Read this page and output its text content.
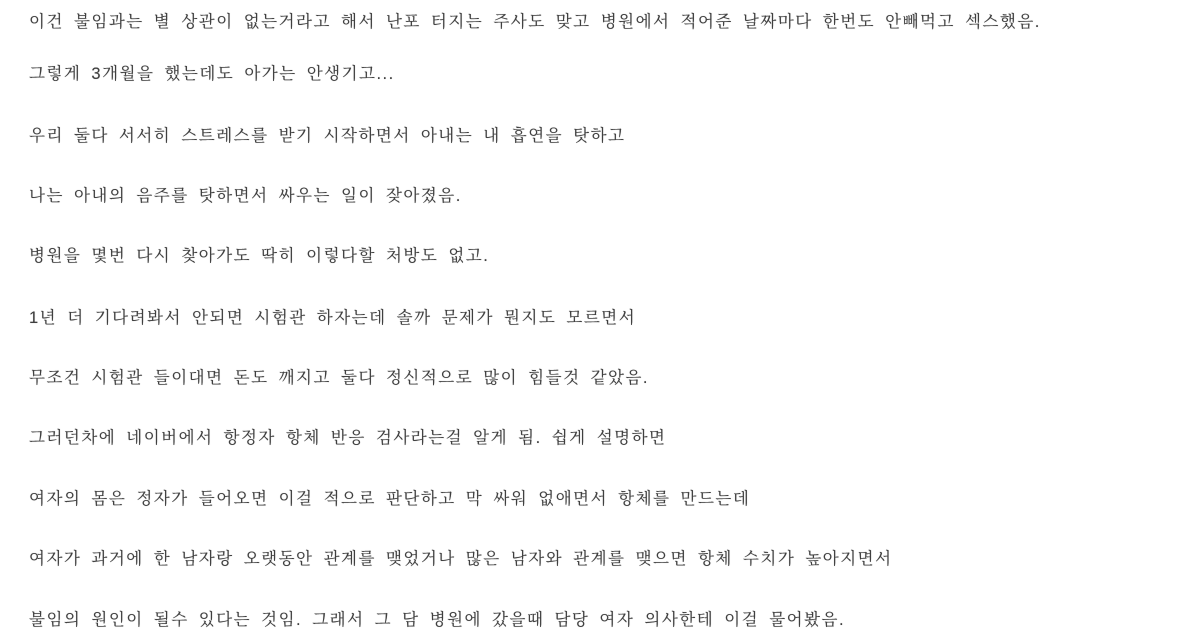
이건 불임과는 별 상관이 없는거라고 해서 난포 터지는 주사도 맞고 병원에서 적어준 날짜마다 한번도 안빼먹고 섹스했음.

그렇게 3개월을 했는데도 아가는 안생기고...

우리 둘다 서서히 스트레스를 받기 시작하면서 아내는 내 흡연을 탓하고

나는 아내의 음주를 탓하면서 싸우는 일이 잦아졌음.

병원을 몇번 다시 찾아가도 딱히 이렇다할 처방도 없고.

1년 더 기다려봐서 안되면 시험관 하자는데 솔까 문제가 뭔지도 모르면서

무조건 시험관 들이대면 돈도 깨지고 둘다 정신적으로 많이 힘들것 같았음.

그러던차에 네이버에서 항정자 항체 반응 검사라는걸 알게 됨. 쉽게 설명하면

여자의 몸은 정자가 들어오면 이걸 적으로 판단하고 막 싸워 없애면서 항체를 만드는데

여자가 과거에 한 남자랑 오랫동안 관계를 맺었거나 많은 남자와 관계를 맺으면 항체 수치가 높아지면서

불임의 원인이 될수 있다는 것임. 그래서 그 담 병원에 갔을때 담당 여자 의사한테 이걸 물어봤음.
